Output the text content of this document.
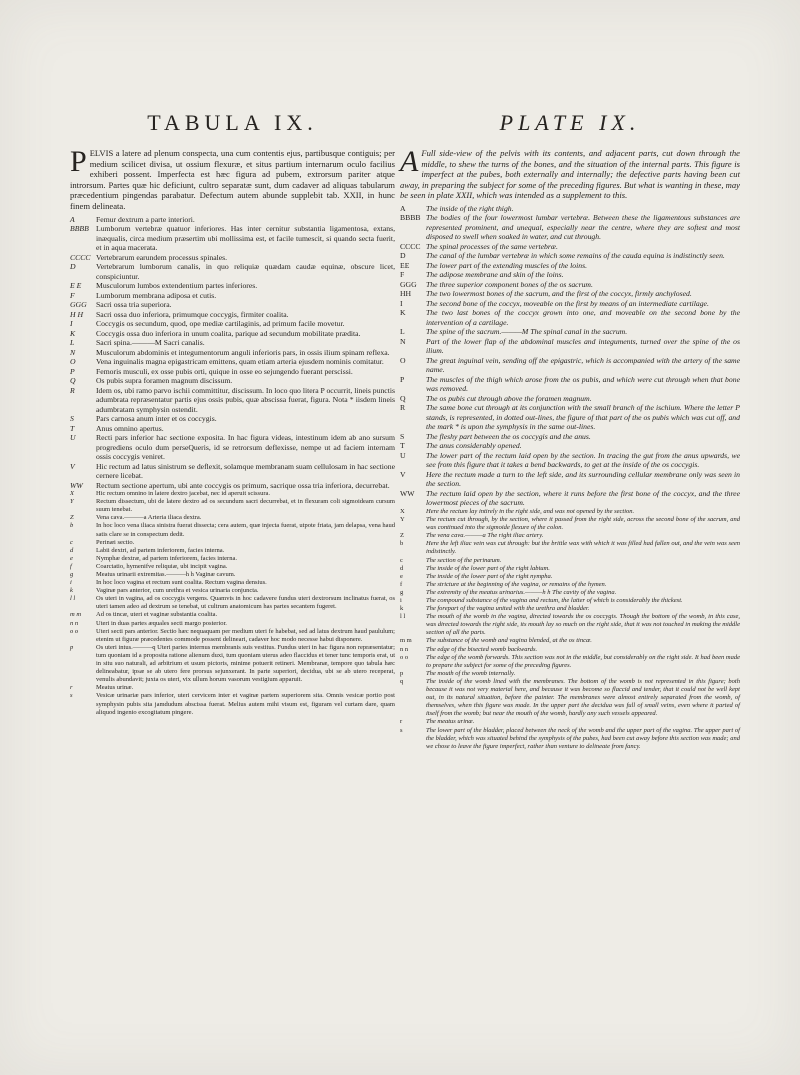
TABULA IX.

P ELVIS a latere ad plenum conspecta, una cum contentis ejus, partibusque contiguis; per medium scilicet divisa, ut ossium flexuræ, et situs partium internarum oculo facilius exhiberi possent. Imperfecta est hæc figura ad pubem, extrorsum pariter atque introrsum. Partes quæ hic deficiunt, cultro separatæ sunt, dum cadaver ad aliquas tabularum præcedentium pingendas parabatur. Defectum autem abunde supplebit tab. XXII, in hunc finem delineata.

A	Femur dextrum a parte interiori.
BBBB Lumborum vertebræ quatuor inferiores. Has inter cernitur substantia ligamentosa, extans, inæqualis, circa medium præsertim ubi mollissima est, et facile tumescit, si quando secta fuerit, et in aqua macerata.
CCCC Vertebrarum earundem processus spinales.
D	Vertebrarum lumborum canalis, in quo reliquiæ quædam caudæ equinæ, obscure licet, conspiciuntur.
E E	Musculorum lumbos extendentium partes inferiores.
F	Lumborum membrana adiposa et cutis.
GGG	Sacri ossa tria superiora.
H H	Sacri ossa duo inferiora, primumque coccygis, firmiter coalita.
I	Coccygis os secundum, quod, ope mediæ cartilaginis, ad primum facile movetur.
K	Coccygis ossa duo inferiora in unum coalita, parique ad secundum mobilitate prædita.
L	Sacri spina.———M Sacri canalis.
N	Musculorum abdominis et integumentorum anguli inferioris pars, in ossis ilium spinam reflexa.
O	Vena inguinalis magna epigastricam emittens, quam etiam arteria ejusdem nominis comitatur.
P	Femoris musculi, ex osse pubis orti, quique in osse eo sejungendo fuerant perscissi.
Q	Os pubis supra foramen magnum discissum.
R	Idem os, ubi ramo parvo ischii committitur, discissum. In loco quo litera P occurrit, lineis punctis adumbrata repræsentatur partis ejus ossis pubis, quæ abscissa fuerat, figura. Nota * iisdem lineis adumbratam symphysin ostendit.
S	Pars carnosa anum inter et os coccygis.
T	Anus omnino apertus.
U	Recti pars inferior hac sectione exposita. In hac figura videas, intestinum idem ab ano sursum progrediens oculo dum perseQueris, id se retrorsum deflexisse, nempe ut ad faciem internam ossis coccygis veniret.
V	Hic rectum ad latus sinistrum se deflexit, solamque membranam suam cellulosam in hac sectione cernere licebat.
WW	Rectum sectione apertum, ubi ante coccygis os primum, sacrique ossa tria inferiora, decurrebat.
X	Hic rectum omnino in latere dextro jacebat, nec id aperuit scissura.
Y	Rectum dissectum, ubi de latere dextro ad os secundum sacri decurrebat, et in flexuram coli sigmoideam cursum suum tenebat.
Z	Vena cava.———a Arteria iliaca dextra.
b	In hoc loco vena iliaca sinistra fuerat dissecta; cera autem, quæ injecta fuerat, utpote friata, jam delapsa, vena haud satis clare se in conspectum dedit.
c	Perinæi sectio.
d	Labii dextri, ad partem inferiorem, facies interna.
e	Nymphæ dextræ, ad partem inferiorem, facies interna.
f	Coarctatio, hymenifve reliquiæ, ubi incipit vagina.
g	Meatus urinarii extremitas.———h h Vaginæ cavum.
i	In hoc loco vagina et rectum sunt coalita. Rectum vagina densius.
k	Vaginæ pars anterior, cum urethra et vesica urinaria conjuncta.
l l	Os uteri in vagina, ad os coccygis vergens. Quamvis in hoc cadavere fundus uteri dextrorsum inclinatus fuerat, os uteri tamen adeo ad dextrum se tenebat, ut cultrum anatomicum has partes secantem fugeret.
m m	Ad os tincæ, uteri et vaginæ substantia coalita.
n n	Uteri in duas partes æquales secti margo posterior.
o o	Uteri secti pars anterior. Sectio hæc nequaquam per medium uteri fe habebat, sed ad latus dextrum haud paululum; etenim ut figuræ præcedentes commode possent delineari, cadaver hoc modo necesse habui disponere.
p	Os uteri intus.———q Uteri paries internus membranis suis vestitus. Fundus uteri in hac figura non repræsentatur; tum quoniam id a proposita ratione alienum duxi, tum quoniam uterus adeo flaccidus et tener tunc temporis erat, ut in situ suo naturali, ad arbitrium et usum pictoris, minime potuerit retineri. Membranæ, tempore quo tabula hæc delineabatur, ipsæ se ab utero fere prorsus sejunxerant. In parte superiori, decidua, ubi se ab utero receperat, venulis abundavit; juxta os uteri, vix ullum horum vasorum vestigium apparuit.
r	Meatus urinæ.
s	Vesicæ urinariæ pars inferior, uteri cervicem inter et vaginæ partem superiorem sita. Omnis vesicæ portio post symphysin pubis sita jamdudum abscissa fuerat. Melius autem mihi visum est, figuram vel curtam dare, quam aliquod ingenio excogitatum pingere.
PLATE IX.

A Full side-view of the pelvis with its contents, and adjacent parts, cut down through the middle, to shew the turns of the bones, and the situation of the internal parts. This figure is imperfect at the pubes, both externally and internally; the defective parts having been cut away, in preparing the subject for some of the preceding figures. But what is wanting in these, may be seen in plate XXII, which was intended as a supplement to this.

A	The inside of the right thigh.
BBBB The bodies of the four lowermost lumbar vertebræ. Between these the ligamentous substances are represented prominent, and unequal, especially near the centre, where they are softest and most disposed to swell when soaked in water, and cut through.
CCCC The spinal processes of the same vertebræ.
D	The canal of the lumbar vertebræ in which some remains of the cauda equina is indistinctly seen.
EE	The lower part of the extending muscles of the loins.
F	The adipose membrane and skin of the loins.
GGG	The three superior component bones of the os sacrum.
HH	The two lowermost bones of the sacrum, and the first of the coccyx, firmly anchylosed.
I	The second bone of the coccyx, moveable on the first by means of an intermediate cartilage.
K	The two last bones of the coccyx grown into one, and moveable on the second bone by the intervention of a cartilage.
L	The spine of the sacrum.———M The spinal canal in the sacrum.
N	Part of the lower flap of the abdominal muscles and integuments, turned over the spine of the os ilium.
O	The great inguinal vein, sending off the epigastric, which is accompanied with the artery of the same name.
P	The muscles of the thigh which arose from the os pubis, and which were cut through when that bone was removed.
Q	The os pubis cut through above the foramen magnum.
R	The same bone cut through at its conjunction with the small branch of the ischium. Where the letter P stands, is represented, in dotted out-lines, the figure of that part of the os pubis which was cut off, and the mark * is upon the symphysis in the same out-lines.
S	The fleshy part between the os coccygis and the anus.
T	The anus considerably opened.
U	The lower part of the rectum laid open by the section. In tracing the gut from the anus upwards, we see from this figure that it takes a bend backwards, to get at the inside of the os coccygis.
V	Here the rectum made a turn to the left side, and its surrounding cellular membrane only was seen in the section.
WW	The rectum laid open by the section, where it runs before the first bone of the coccyx, and the three lowermost pieces of the sacrum.
X	Here the rectum lay intirely in the right side, and was not opened by the section.
Y	The rectum cut through, by the section, where it passed from the right side, across the second bone of the sacrum, and was continued into the sigmoide flexure of the colon.
Z	The vena cava.———a The right iliac artery.
b	Here the left iliac vein was cut through: but the brittle wax with which it was filled had fallen out, and the vein was seen indistinctly.
c	The section of the perinæum.
d	The inside of the lower part of the right labium.
e	The inside of the lower part of the right nympha.
f	The stricture at the beginning of the vagina, or remains of the hymen.
g	The extremity of the meatus urinarius.———h h The cavity of the vagina.
i	The compound substance of the vagina and rectum, the latter of which is considerably the thickest.
k	The forepart of the vagina united with the urethra and bladder.
l l	The mouth of the womb in the vagina, directed towards the os coccygis. Though the bottom of the womb, in this case, was directed towards the right side, its mouth lay so much on the right side, that it was not touched in making the middle section of all the parts.
m m	The substance of the womb and vagina blended, at the os tincæ.
n n	The edge of the bisected womb backwards.
o o	The edge of the womb forwards. This section was not in the middle, but considerably on the right side. It had been made to prepare the subject for some of the preceding figures.
p	The mouth of the womb internally.
q	The inside of the womb lined with the membranes. The bottom of the womb is not represented in this figure; both because it was not very material here, and because it was become so flaccid and tender, that it could not be well kept out, in its natural situation, before the painter. The membranes were almost entirely separated from the womb, of themselves, when this figure was made. In the upper part the decidua was full of small veins, even where it parted of itself from the womb; but near the mouth of the womb, hardly any such vessels appeared.
r	The meatus urinæ.
s	The lower part of the bladder, placed between the neck of the womb and the upper part of the vagina. The upper part of the bladder, which was situated behind the symphysis of the pubes, had been cut away before this section was made; and we chose to leave the figure imperfect, rather than venture to delineate from fancy.
